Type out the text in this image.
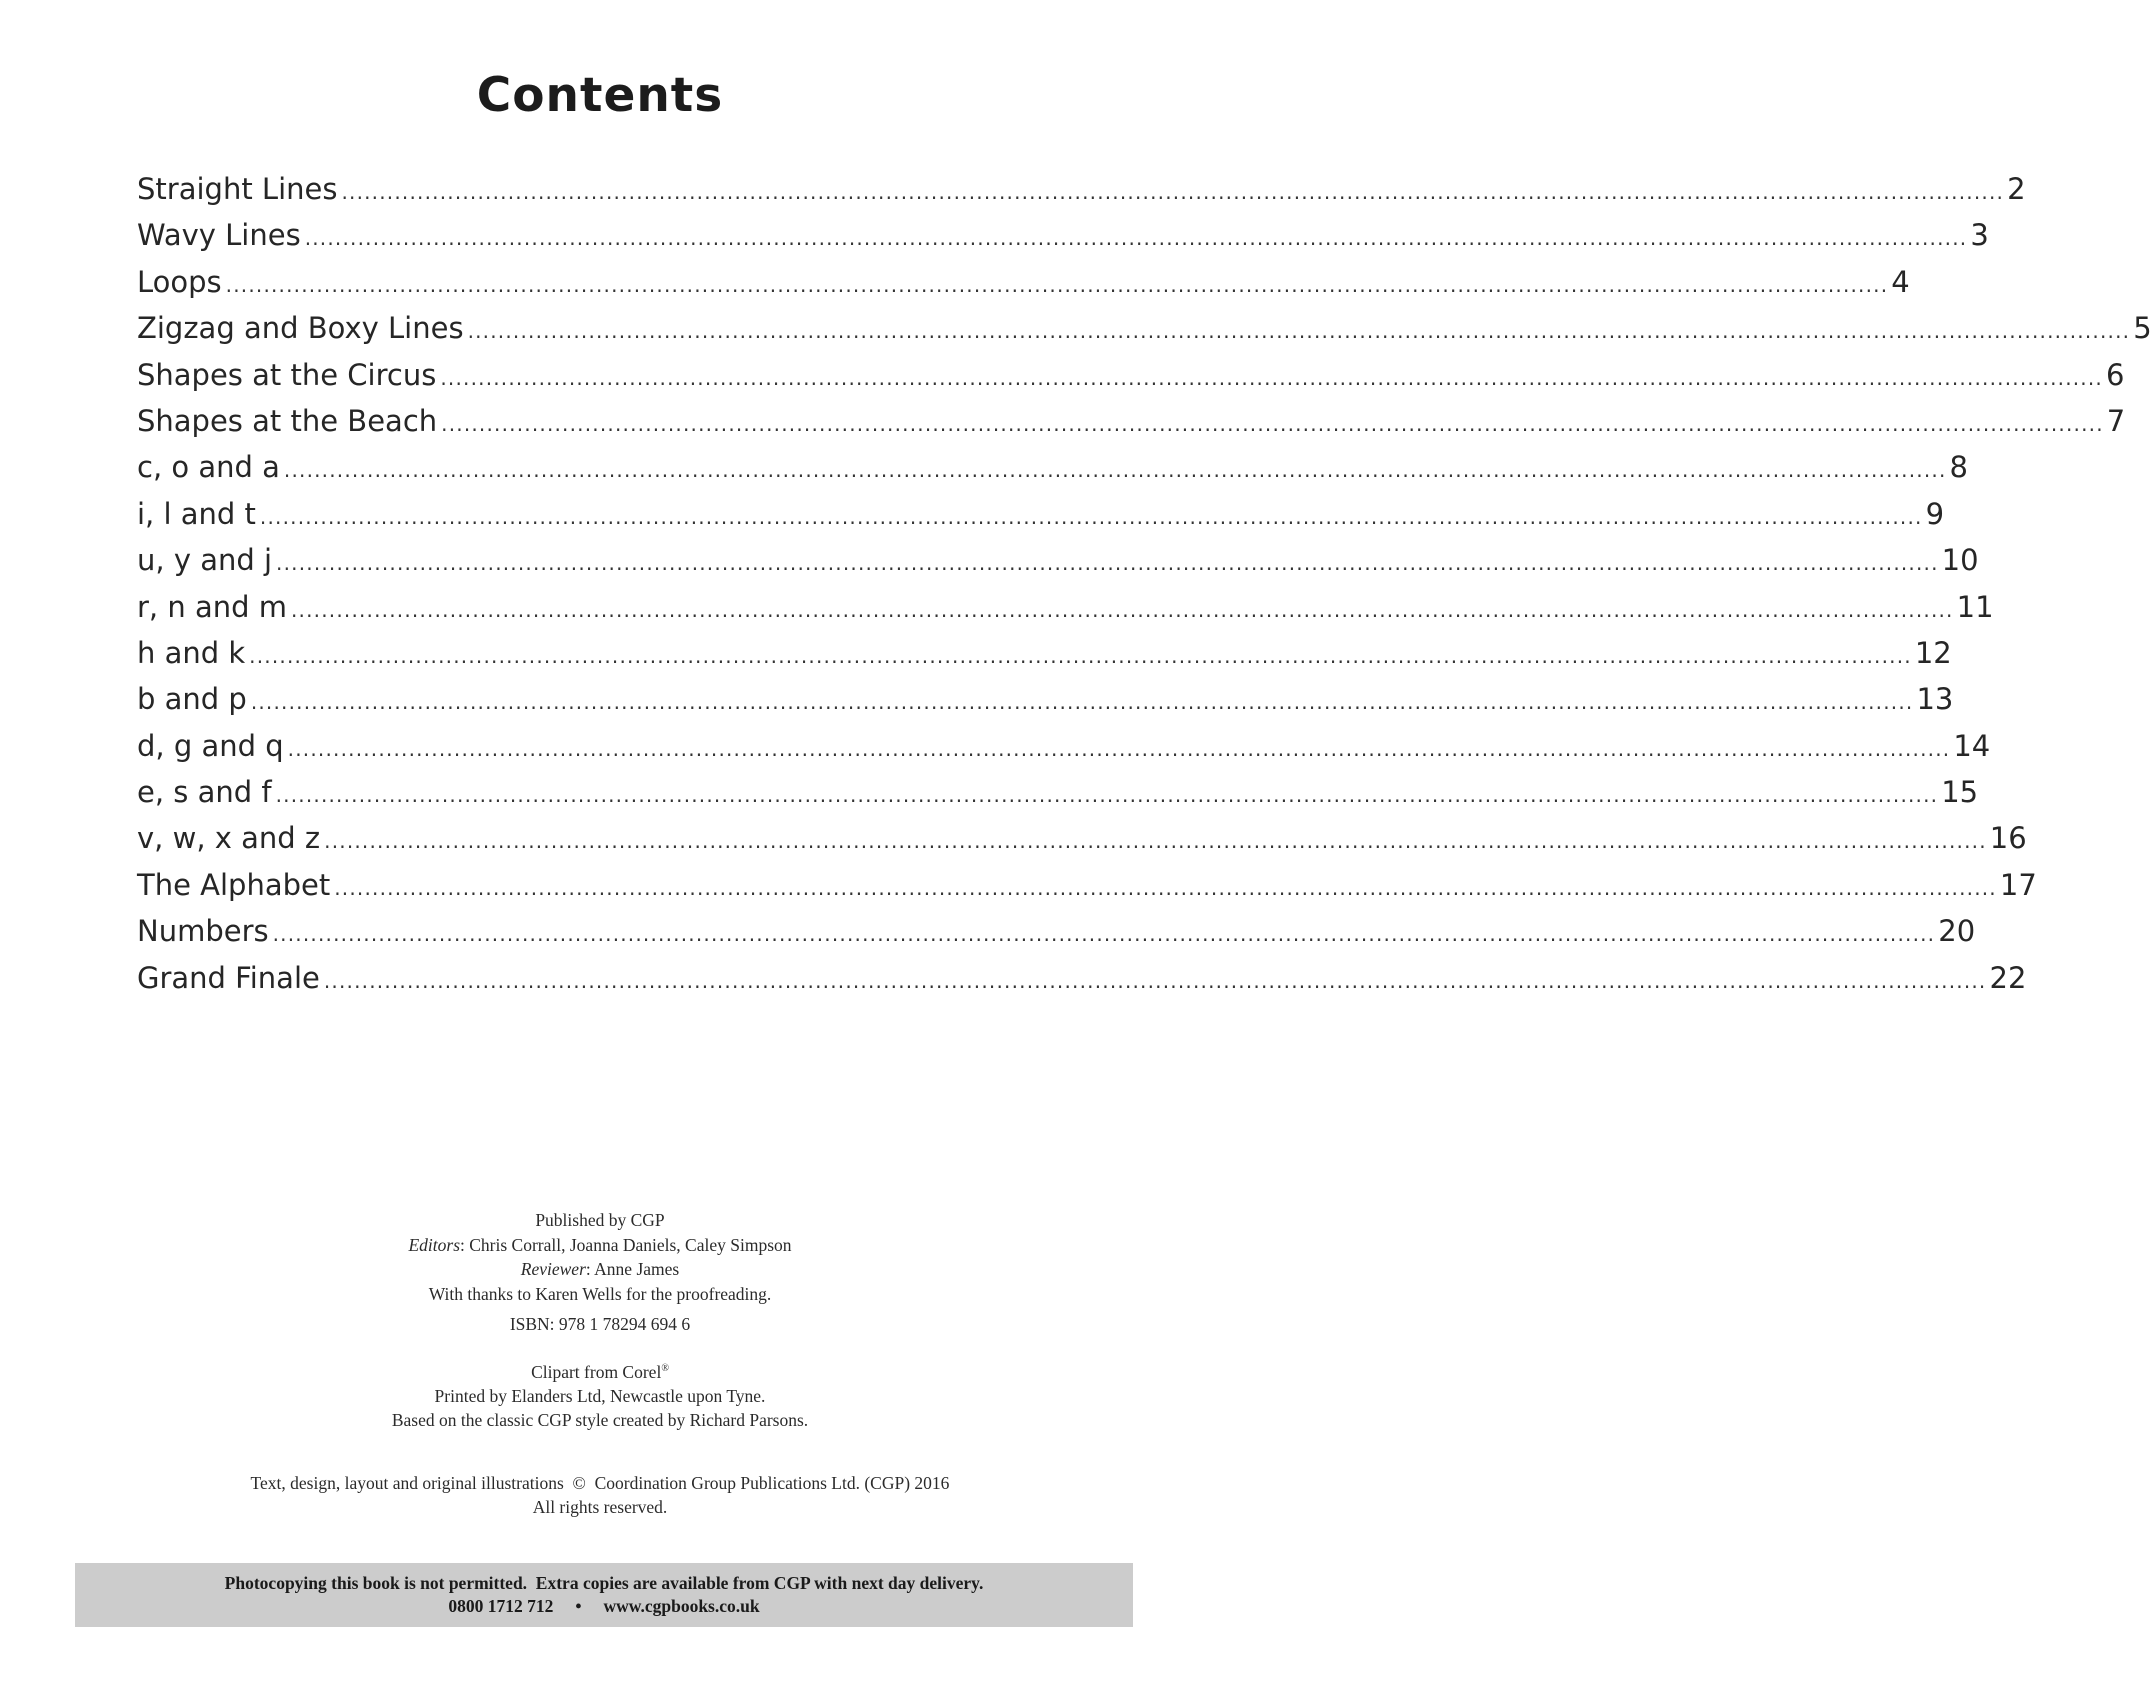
Contents
Straight Lines ............................................................................................................................................................................................................................ 2
Wavy Lines ............................................................................................................................................................................................................................ 3
Loops ............................................................................................................................................................................................................................ 4
Zigzag and Boxy Lines ............................................................................................................................................................................................................................ 5
Shapes at the Circus ............................................................................................................................................................................................................................ 6
Shapes at the Beach ............................................................................................................................................................................................................................ 7
c, o and a ............................................................................................................................................................................................................................ 8
i, l and t ............................................................................................................................................................................................................................ 9
u, y and j ............................................................................................................................................................................................................................ 10
r, n and m ............................................................................................................................................................................................................................ 11
h and k ............................................................................................................................................................................................................................ 12
b and p ............................................................................................................................................................................................................................ 13
d, g and q ............................................................................................................................................................................................................................ 14
e, s and f ............................................................................................................................................................................................................................ 15
v, w, x and z ............................................................................................................................................................................................................................ 16
The Alphabet ............................................................................................................................................................................................................................ 17
Numbers ............................................................................................................................................................................................................................ 20
Grand Finale ............................................................................................................................................................................................................................ 22
Published by CGP
Editors: Chris Corrall, Joanna Daniels, Caley Simpson
Reviewer: Anne James
With thanks to Karen Wells for the proofreading.
ISBN: 978 1 78294 694 6
Clipart from Corel®
Printed by Elanders Ltd, Newcastle upon Tyne.
Based on the classic CGP style created by Richard Parsons.
Text, design, layout and original illustrations  ©  Coordination Group Publications Ltd. (CGP) 2016
All rights reserved.
Photocopying this book is not permitted.  Extra copies are available from CGP with next day delivery.
0800 1712 712 • www.cgpbooks.co.uk
